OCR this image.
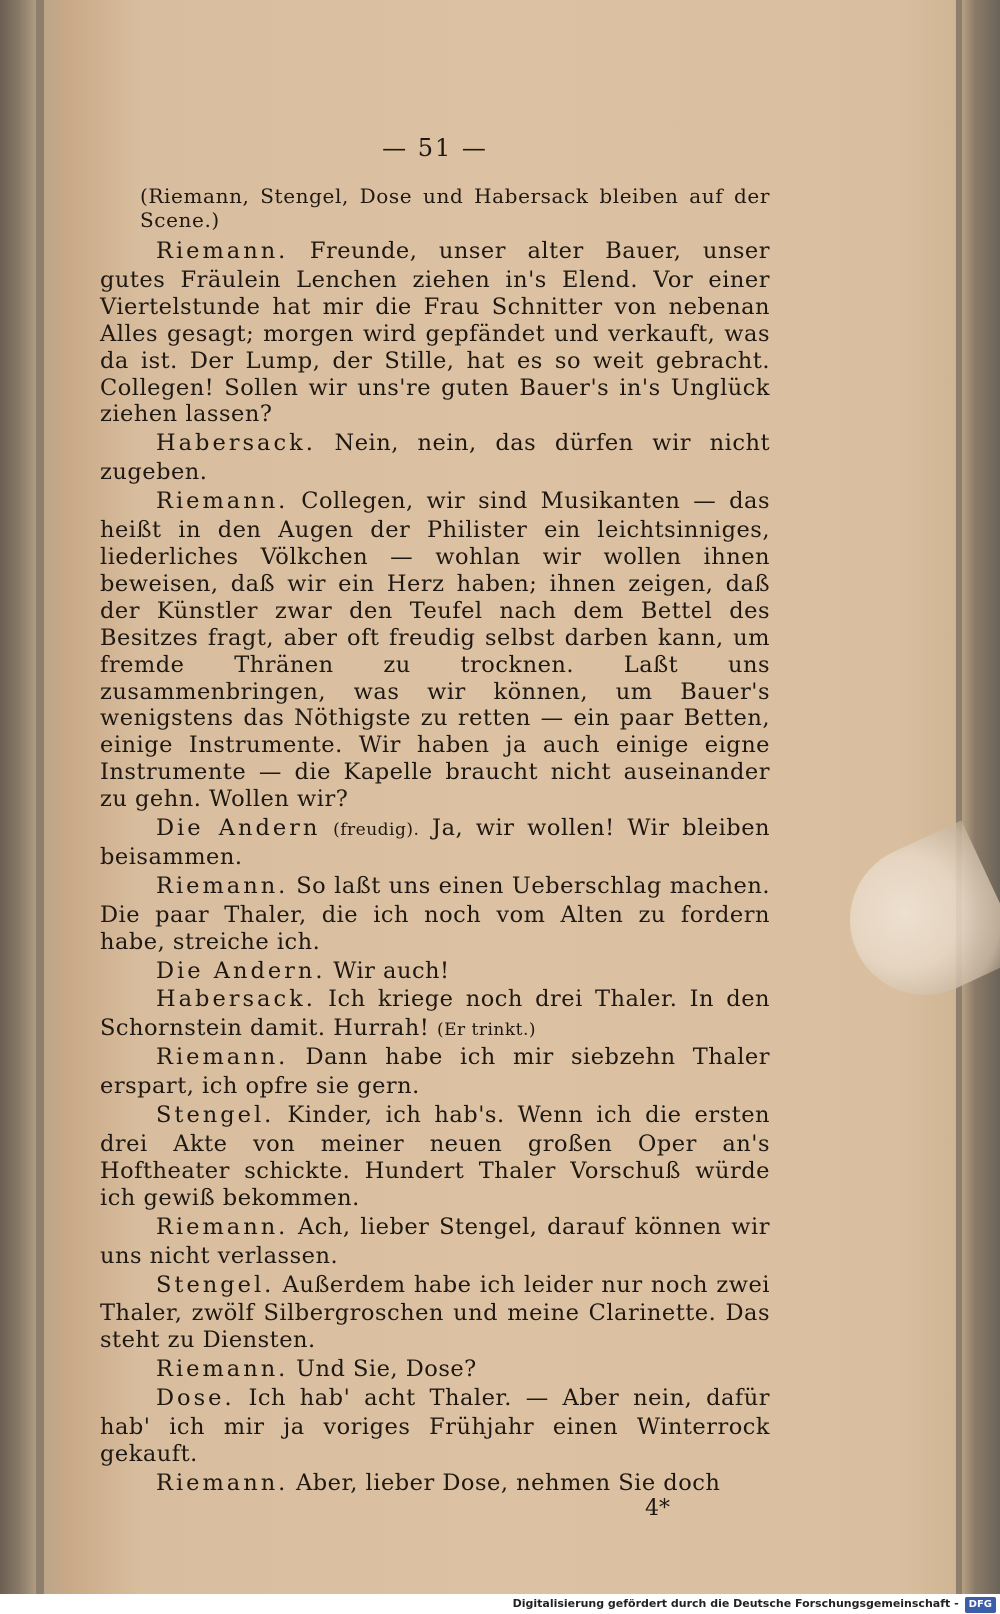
— 51 —

(Riemann, Stengel, Dose und Habersack bleiben auf der Scene.)

Riemann. Freunde, unser alter Bauer, unser gutes Fräulein Lenchen ziehen in's Elend. Vor einer Viertelstunde hat mir die Frau Schnitter von nebenan Alles gesagt; morgen wird gepfändet und verkauft, was da ist. Der Lump, der Stille, hat es so weit gebracht. Collegen! Sollen wir uns're guten Bauer's in's Unglück ziehen lassen?

Habersack. Nein, nein, das dürfen wir nicht zugeben.

Riemann. Collegen, wir sind Musikanten — das heißt in den Augen der Philister ein leichtsinniges, liederliches Völkchen — wohlan wir wollen ihnen beweisen, daß wir ein Herz haben; ihnen zeigen, daß der Künstler zwar den Teufel nach dem Bettel des Besitzes fragt, aber oft freudig selbst darben kann, um fremde Thränen zu trocknen. Laßt uns zusammenbringen, was wir können, um Bauer's wenigstens das Nöthigste zu retten — ein paar Betten, einige Instrumente. Wir haben ja auch einige eigne Instrumente — die Kapelle braucht nicht auseinander zu gehn. Wollen wir?

Die Andern (freudig). Ja, wir wollen! Wir bleiben beisammen.

Riemann. So laßt uns einen Ueberschlag machen. Die paar Thaler, die ich noch vom Alten zu fordern habe, streiche ich.

Die Andern. Wir auch!

Habersack. Ich kriege noch drei Thaler. In den Schornstein damit. Hurrah! (Er trinkt.)

Riemann. Dann habe ich mir siebzehn Thaler erspart, ich opfre sie gern.

Stengel. Kinder, ich hab's. Wenn ich die ersten drei Akte von meiner neuen großen Oper an's Hoftheater schickte. Hundert Thaler Vorschuß würde ich gewiß bekommen.

Riemann. Ach, lieber Stengel, darauf können wir uns nicht verlassen.

Stengel. Außerdem habe ich leider nur noch zwei Thaler, zwölf Silbergroschen und meine Clarinette. Das steht zu Diensten.

Riemann. Und Sie, Dose?

Dose. Ich hab' acht Thaler. — Aber nein, dafür hab' ich mir ja voriges Frühjahr einen Winterrock gekauft.

Riemann. Aber, lieber Dose, nehmen Sie doch

4*
Digitalisierung gefördert durch die Deutsche Forschungsgemeinschaft - DFG
